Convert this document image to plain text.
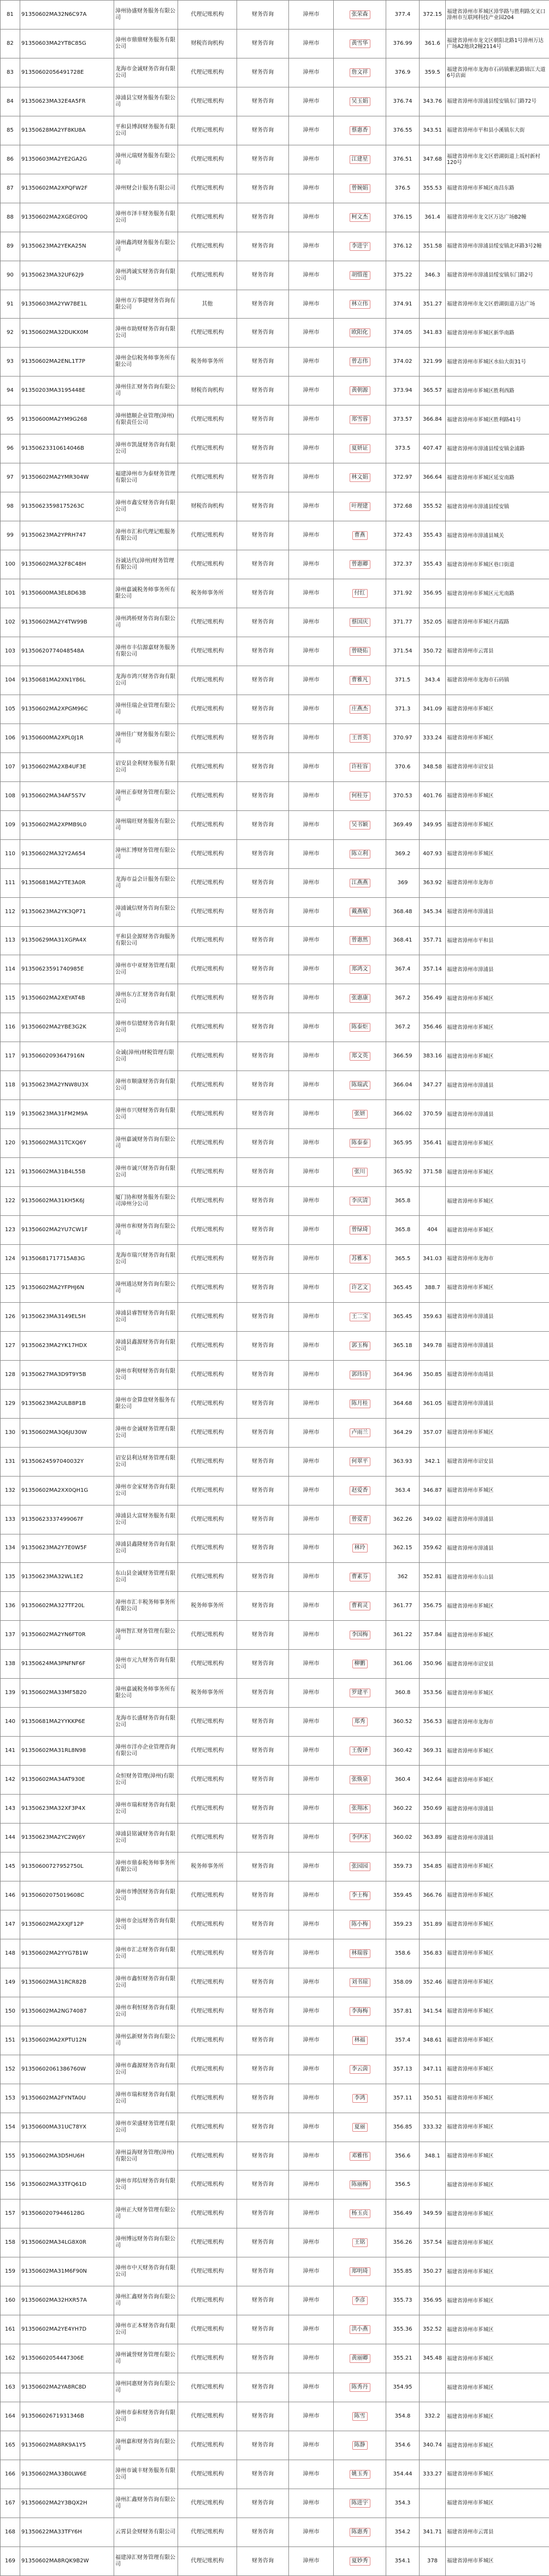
81	91350602MA32N6C97A	漳州协盛财务服务有限公司	代理记账机构	财务咨询	漳州市	张荣森	377.4	372.15	福建省漳州市芗城区漳华路与胜利路交叉口漳州市互联网科技产业园204
82	91350603MA2YT8C85G	漳州市鼎鼎财务服务有限公司	财税咨询机构	财务咨询	漳州市	黄雪华	376.99	361.6	福建省漳州市龙文区朝阳北路1号漳州万达广场A2地块2幢2114号
83	91350602056491728E	龙海市金诚财务咨询有限公司	代理记账机构	财务咨询	漳州市	詹文祥	376.9	359.5	福建省漳州市龙海市石码镇紫泥路锦江大道6号店面
84	91350623MA32E4A5FR	漳浦县宝财务服务有限公司	代理记账机构	财务咨询	漳州市	吴玉娟	376.74	343.76	福建省漳州市漳浦县绥安镇东门路72号
85	91350628MA2YF8KU8A	平和县博润财务服务有限公司	代理记账机构	财务咨询	漳州市	蔡惠香	376.55	343.51	福建省漳州市平和县小溪镇东大街
86	91350603MA2YE2GA2G	漳州元瑞财务服务有限公司	代理记账机构	财务咨询	漳州市	江建星	376.51	347.68	福建省漳州市龙文区碧湖街道上坂村新村120号
87	91350602MA2XPQFW2F	漳州财会计服务有限公司	代理记账机构	财务咨询	漳州市	曾婉娟	376.5	355.53	福建省漳州市芗城区南昌东路
88	91350602MA2XGEGY0Q	漳州市泽丰财务服务有限公司	代理记账机构	财务咨询	漳州市	柯文杰	376.15	361.4	福建省漳州市龙文区万达广场B2幢
89	91350623MA2YEKA25N	漳州鑫鸿财务服务有限公司	代理记账机构	财务咨询	漳州市	李进宇	376.12	351.58	福建省漳州市漳浦县绥安镇北环路3号2幢
90	91350623MA32UF62J9	漳州鸿诚实财务咨询有限公司	代理记账机构	财务咨询	漳州市	胡惜莲	375.22	346.3	福建省漳州市漳浦县绥安镇东门路2号
91	91350603MA2YW7BE1L	漳州市万事捷财务咨询有限公司	其他	财务咨询	漳州市	林立伟	374.91	351.27	福建省漳州市龙文区碧湖街道万达广场
92	91350602MA32DUKX0M	漳州市助财财务咨询有限公司	代理记账机构	财务咨询	漳州市	欧阳化	374.05	341.83	福建省漳州市芗城区新华南路
93	91350602MA2ENL1T7P	漳州金信税务师事务所有限公司	税务师事务所	财务咨询	漳州市	曾志伟	374.02	321.99	福建省漳州市芗城区水仙大街31号
94	91350203MA3195448E	漳州佳汇财务咨询有限公司	财税咨询机构	财务咨询	漳州市	黄朝源	373.94	365.57	福建省漳州市芗城区胜利西路
95	91350600MA2YM9G268	漳州德顺企业管理(漳州)有限责任公司	代理记账机构	财务咨询	漳州市	郑雪蓉	373.57	366.84	福建省漳州市芗城区胜利路41号
96	91350623310614046B	漳州市凯晟财务咨询有限公司	代理记账机构	财务咨询	漳州市	夏妍证	373.5	407.47	福建省漳州市漳浦县绥安镇金浦路
97	91350602MA2YMR304W	福建漳州市为泰财务管理有限公司	代理记账机构	财务咨询	漳州市	林文娟	372.97	366.64	福建省漳州市芗城区延安南路
98	91350623598175263C	漳州市鑫安财务咨询有限公司	财税咨询机构	财务咨询	漳州市	叶理建	372.68	355.52	福建省漳州市漳浦县绥安镇
99	91350623MA2YPRH747	漳州市汇和代理记账服务有限公司	代理记账机构	财务咨询	漳州市	曹燕	372.43	355.43	福建省漳州市漳浦县城关
100	91350602MA32F8C48H	谷诚达代(漳州)财务管理有限公司	代理记账机构	财务咨询	漳州市	曾惠卿	372.37	355.43	福建省漳州市芗城区巷口街道
101	91350600MA3EL8D63B	漳州嘉诚税务师事务所有限公司	税务师事务所	财务咨询	漳州市	付红	371.92	356.95	福建省漳州市芗城区元光南路
102	91350602MA2Y4TW99B	漳州鸿桥财务咨询有限公司	代理记账机构	财务咨询	漳州市	蔡国庆	371.77	352.05	福建省漳州市芗城区丹霞路
103	91350620774048548A	漳州市丰信源嘉财务服务有限公司	代理记账机构	财务咨询	漳州市	曾晓佑	371.54	350.72	福建省漳州市云霄县
104	91350681MA2XN1Y86L	龙海市鸿兴财务咨询有限公司	代理记账机构	财务咨询	漳州市	曹雅凡	371.5	343.4	福建省漳州市龙海市石码镇
105	91350602MA2XPGM96C	漳州佳瑞企业管理有限公司	代理记账机构	财务咨询	漳州市	庄燕杰	371.3	341.09	福建省漳州市芗城区
106	91350600MA2XPL0J1R	漳州佳广财务服务有限公司	代理记账机构	财务咨询	漳州市	王晋英	370.97	333.24	福建省漳州市芗城区
107	91350602MA2XB4UF3E	诏安县金利财务服务有限公司	代理记账机构	财务咨询	漳州市	许桂容	370.6	348.58	福建省漳州市诏安县
108	91350602MA34AF5S7V	漳州正泰财务管理有限公司	代理记账机构	财务咨询	漳州市	何桂芬	370.53	401.76	福建省漳州市芗城区
109	91350602MA2XPMB9L0	漳州瑞旺财务服务有限公司	代理记账机构	财务咨询	漳州市	吴书颖	369.49	349.95	福建省漳州市芗城区
110	91350602MA32Y2A654	漳州汇博财务管理有限公司	代理记账机构	财务咨询	漳州市	陈立利	369.2	407.93	福建省漳州市芗城区
111	91350681MA2YTE3A0R	龙海市益会计服务有限公司	代理记账机构	财务咨询	漳州市	江燕燕	369	363.92	福建省漳州市龙海市
112	91350623MA2YK3QP71	漳浦诚信财务咨询有限公司	代理记账机构	财务咨询	漳州市	戴燕敏	368.48	345.34	福建省漳州市漳浦县
113	91350629MA31XGPA4X	平和县金源财务咨询服务有限公司	代理记账机构	财务咨询	漳州市	曾惠然	368.41	357.71	福建省漳州市平和县
114	91350623591740985E	漳州市中亚财务管理有限公司	代理记账机构	财务咨询	漳州市	郑鸿文	367.4	357.14	福建省漳州市漳浦县
115	91350602MA2XEYAT4B	漳州东方汇财务咨询有限公司	代理记账机构	财务咨询	漳州市	张惠康	367.2	356.49	福建省漳州市芗城区
116	91350602MA2YBE3G2K	漳州市信德财务咨询有限公司	代理记账机构	财务咨询	漳州市	陈泰炬	367.2	356.46	福建省漳州市芗城区
117	91350602093647916N	众诚(漳州)财税管理有限公司	代理记账机构	财务咨询	漳州市	郑文英	366.59	383.16	福建省漳州市芗城区
118	91350623MA2YNW8U3X	漳州市顺康财务咨询有限公司	代理记账机构	财务咨询	漳州市	陈瑞武	366.04	347.27	福建省漳州市漳浦县
119	91350623MA31FM2M9A	漳州市兴财财务咨询有限公司	代理记账机构	财务咨询	漳州市	张妍	366.02	370.59	福建省漳州市漳浦县
120	91350602MA31TCXQ6Y	漳州嘉诚财务咨询有限公司	代理记账机构	财务咨询	漳州市	陈泰泰	365.95	356.41	福建省漳州市芗城区
121	91350602MA31B4L55B	漳州市诚兴财务咨询有限公司	代理记账机构	财务咨询	漳州市	张川	365.92	371.58	福建省漳州市芗城区
122	91350602MA31KH5K6J	厦门协和财务服务有限公司漳州分公司	代理记账机构	财务咨询	漳州市	李庆清	365.8		福建省漳州市芗城区
123	91350602MA2YU7CW1F	漳州市和财务咨询有限公司	代理记账机构	财务咨询	漳州市	曾绿琦	365.8	404	福建省漳州市芗城区
124	91350681717715A83G	龙海市瑞兴财务咨询有限公司	代理记账机构	财务咨询	漳州市	苏雅本	365.5	341.03	福建省漳州市龙海市
125	91350602MA2YFPHJ6N	漳州通达财务咨询有限公司	代理记账机构	财务咨询	漳州市	许艺文	365.45	388.7	福建省漳州市芗城区
126	91350623MA3149EL5H	漳浦县睿智财务咨询有限公司	代理记账机构	财务咨询	漳州市	王二宝	365.45	359.63	福建省漳州市漳浦县
127	91350623MA2YK17HDX	漳浦县鑫源财务咨询有限公司	代理记账机构	财务咨询	漳州市	郭玉梅	365.18	349.78	福建省漳州市漳浦县
128	91350627MA3D9T9Y5B	漳州市利财财务咨询有限公司	代理记账机构	财务咨询	漳州市	郭玮诗	364.96	350.85	福建省漳州市南靖县
129	91350623MA2ULB8P1B	漳州市金算盘财务服务有限公司	代理记账机构	财务咨询	漳州市	陈月桂	364.68	361.05	福建省漳州市漳浦县
130	91350602MA3Q6JU30W	漳州市金诚财务管理有限公司	代理记账机构	财务咨询	漳州市	卢雨兰	364.29	357.07	福建省漳州市芗城区
131	91350624597040032Y	诏安县利达财务管理有限公司	代理记账机构	财务咨询	漳州市	何翠平	363.93	342.1	福建省漳州市诏安县
132	91350602MA2XX0QH1G	漳州市金家财务咨询有限公司	代理记账机构	财务咨询	漳州市	赵爱香	363.4	346.87	福建省漳州市芗城区
133	91350623337499067F	漳浦县大富财务服务有限公司	代理记账机构	财务咨询	漳州市	曾爱青	362.26	349.02	福建省漳州市漳浦县
134	91350623MA2Y7E0W5F	漳浦县鑫隆财务咨询有限公司	代理记账机构	财务咨询	漳州市	林玲	362.15	359.62	福建省漳州市漳浦县
135	91350623MA32WL1E2	东山县金诚财务管理有限公司	代理记账机构	财务咨询	漳州市	曹素芬	362	352.81	福建省漳州市东山县
136	91350602MA327TF20L	漳州市汇丰税务师事务所有限公司	税务师事务所	财务咨询	漳州市	曹莉灵	361.77	356.75	福建省漳州市芗城区
137	91350602MA2YN6FT0R	漳州智汇财务管理有限公司	代理记账机构	财务咨询	漳州市	李国梅	361.22	357.84	福建省漳州市芗城区
138	91350624MA3PNFNF6F	漳州市元九财务咨询有限公司	代理记账机构	财务咨询	漳州市	柳鹏	361.06	350.96	福建省漳州市诏安县
139	91350602MA33MF5B20	漳州嘉诚税务师事务所有限公司	税务师事务所	财务咨询	漳州市	罗建平	360.8	353.56	福建省漳州市芗城区
140	91350681MA2YYKKP6E	龙海市长盛财务咨询有限公司	代理记账机构	财务咨询	漳州市	郑秀	360.52	356.53	福建省漳州市龙海市
141	91350602MA31RL8N98	漳州市洋亦企业管理咨询有限公司	代理记账机构	财务咨询	漳州市	王俊译	360.42	369.31	福建省漳州市芗城区
142	91350602MA34AT930E	众恒财务管理(漳州)有限公司	代理记账机构	财务咨询	漳州市	张焕泉	360.4	342.64	福建省漳州市芗城区
143	91350623MA32XF3P4X	漳州市瑞和财务咨询有限公司	代理记账机构	财务咨询	漳州市	张翔冰	360.22	350.69	福建省漳州市漳浦县
144	91350623MA2YC2WJ6Y	漳浦县铭诚财务咨询有限公司	代理记账机构	财务咨询	漳州市	李伊冰	360.02	363.89	福建省漳州市漳浦县
145	91350600727952750L	漳州市鼎泰税务师事务所有限公司	税务师事务所	财务咨询	漳州市	张园园	359.73	354.85	福建省漳州市芗城区
146	91350602075019608C	漳州市博创财务咨询有限公司	代理记账机构	财务咨询	漳州市	李士梅	359.45	366.76	福建省漳州市芗城区
147	91350602MA2XXJF12P	漳州市金远财务咨询有限公司	代理记账机构	财务咨询	漳州市	陈小梅	359.23	351.89	福建省漳州市芗城区
148	91350602MA2YYG7B1W	漳州市汇志财务咨询有限公司	代理记账机构	财务咨询	漳州市	林瑞蓉	358.6	356.83	福建省漳州市芗城区
149	91350602MA31RCR82B	漳州市鑫恒财务咨询有限公司	代理记账机构	财务咨询	漳州市	刘书琼	358.09	352.46	福建省漳州市芗城区
150	91350602MA2NG74087	漳州市利恒财务咨询有限公司	代理记账机构	财务咨询	漳州市	李海梅	357.81	341.54	福建省漳州市芗城区
151	91350602MA2XPTU12N	漳州弘新财务咨询有限公司	代理记账机构	财务咨询	漳州市	林福	357.4	348.61	福建省漳州市芗城区
152	91350602061386760W	漳州市鑫源财务咨询有限公司	代理记账机构	财务咨询	漳州市	李云茵	357.13	347.11	福建省漳州市芗城区
153	91350602MA2FYNTA0U	漳州市瑞和财务咨询有限公司	代理记账机构	财务咨询	漳州市	李鸿	357.11	350.51	福建省漳州市芗城区
154	91350600MA31UC78YX	漳州市荣盛财务管理有限公司	代理记账机构	财务咨询	漳州市	夏丽	356.85	333.32	福建省漳州市芗城区
155	91350602MA3D5HU6H	漳州益海财务管理(漳州)有限公司	代理记账机构	财务咨询	漳州市	邓雅伟	356.6	348.1	福建省漳州市芗城区
156	91350602MA33TFQ61D	漳州市邦信财务咨询有限公司	代理记账机构	财务咨询	漳州市	陈丽梅	356.5		福建省漳州市芗城区
157	91350602079446128G	漳州正大财务管理有限公司	代理记账机构	财务咨询	漳州市	杨玉贞	356.49	349.59	福建省漳州市芗城区
158	91350602MA34LG8X0R	漳州博远财务咨询有限公司	代理记账机构	财务咨询	漳州市	王铭	356.26	357.54	福建省漳州市芗城区
159	91350602MA31M6F90N	漳州市中天财务咨询有限公司	代理记账机构	财务咨询	漳州市	郑明琦	355.85	350.27	福建省漳州市芗城区
160	91350602MA32HXR57A	漳州汇鑫财务咨询有限公司	代理记账机构	财务咨询	漳州市	李彦	355.73	356.95	福建省漳州市芗城区
161	91350602MA2YE4YH7D	漳州市正本财务咨询有限公司	代理记账机构	财务咨询	漳州市	洪小燕	355.36	352.52	福建省漳州市芗城区
162	91350602054447306E	漳州诚誉财务管理有限公司	代理记账机构	财务咨询	漳州市	黄丽卿	355.21	345.48	福建省漳州市芗城区
163	91350602MA2YA8RC8D	漳州同惠财务咨询有限公司	代理记账机构	财务咨询	漳州市	陈秀丹	354.95		福建省漳州市芗城区
164	91350602671931346B	漳州市泰和财务咨询有限公司	代理记账机构	财务咨询	漳州市	陈雪	354.8	332.2	福建省漳州市芗城区
165	91350602MA8RK9A1Y5	漳州嘉和财务咨询有限公司	代理记账机构	财务咨询	漳州市	陈静	354.6	340.74	福建省漳州市芗城区
166	91350602MA33B0LW6E	漳州市诚丰财务服务有限公司	代理记账机构	财务咨询	漳州市	姚玉秀	354.44	333.27	福建省漳州市芗城区
167	91350602MA2Y3BQX2H	漳州汇鑫财务咨询有限公司	代理记账机构	财务咨询	漳州市	陈进宇	354.3		福建省漳州市芗城区
168	91350622MA33TFY6H	云霄县金财财务有限公司	代理记账机构	财务咨询	漳州市	陈惠秀	354.2	341.71	福建省漳州市云霄县
169	91350602MA8RQK9B2W	福建漳汇财务管理有限公司	代理记账机构	财务咨询	漳州市	夏妙秀	354.1	378	福建省漳州市芗城区
